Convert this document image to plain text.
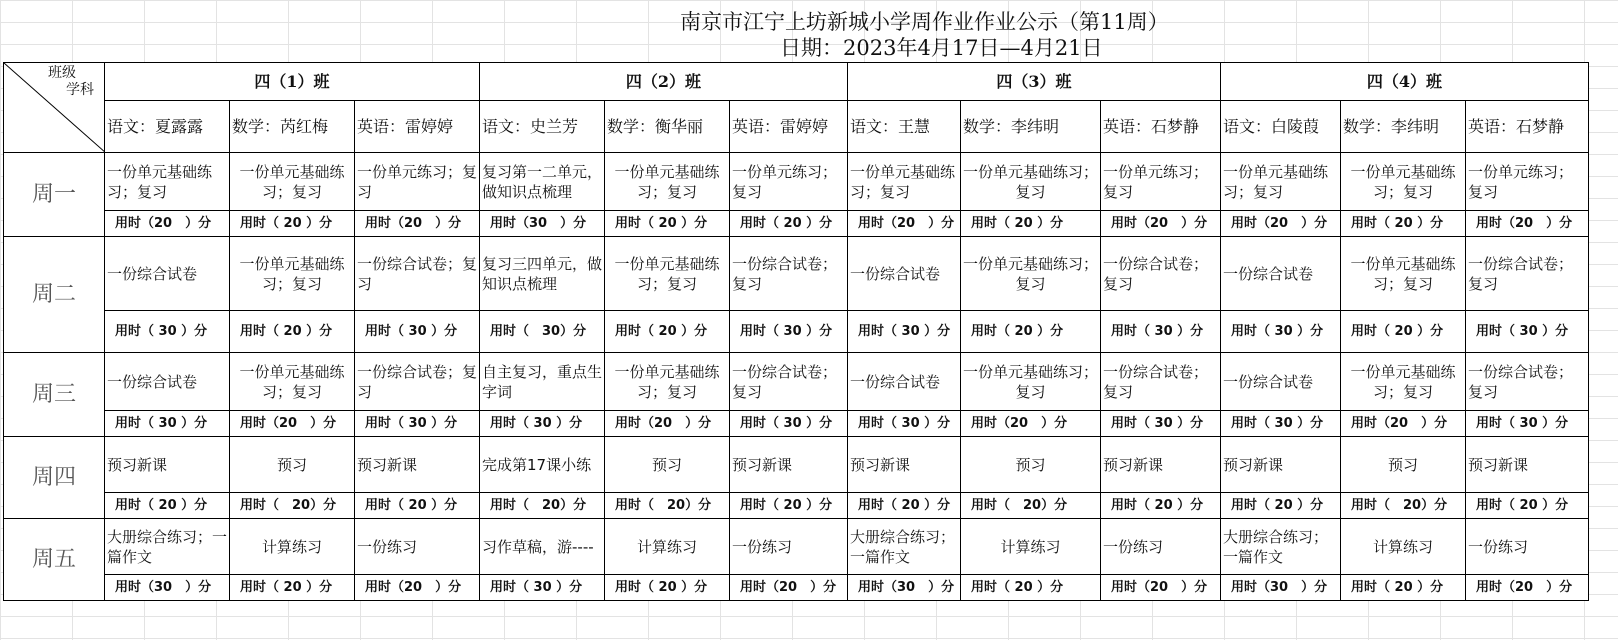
南京市江宁上坊新城小学周作业作业公示（第11周）
日期：2023年4月17日—4月21日
班级
学科	四（1）班			四（2）班			四（3）班			四（4）班		
	语文：夏露露	数学：芮红梅	英语：雷婷婷	语文：史兰芳	数学：衡华丽	英语：雷婷婷	语文：王慧	数学：李纬明	英语：石梦静	语文：白陵葭	数学：李纬明	英语：石梦静
周一	一份单元基础练习；复习	一份单元基础练习；复习	一份单元练习；复习	复习第一二单元，做知识点梳理	一份单元基础练习；复习	一份单元练习；复习	一份单元基础练习；复习	一份单元基础练习；复习	一份单元练习；复习	一份单元基础练习；复习	一份单元基础练习；复习	一份单元练习；复习
	用时（20　）分	用时（ 20 ）分	用时（20　）分	用时（30　）分	用时（ 20 ）分	用时（ 20 ）分	用时（20　）分	用时（ 20 ）分	用时（20　）分	用时（20　）分	用时（ 20 ）分	用时（20　）分
周二	一份综合试卷	一份单元基础练习；复习	一份综合试卷；复习	复习三四单元，做知识点梳理	一份单元基础练习；复习	一份综合试卷；复习	一份综合试卷	一份单元基础练习；复习	一份综合试卷；复习	一份综合试卷	一份单元基础练习；复习	一份综合试卷；复习
	用时（ 30 ）分	用时（ 20 ）分	用时（ 30 ）分	用时（　30）分	用时（ 20 ）分	用时（ 30 ）分	用时（ 30 ）分	用时（ 20 ）分	用时（ 30 ）分	用时（ 30 ）分	用时（ 20 ）分	用时（ 30 ）分
周三	一份综合试卷	一份单元基础练习；复习	一份综合试卷；复习	自主复习，重点生字词	一份单元基础练习；复习	一份综合试卷；复习	一份综合试卷	一份单元基础练习；复习	一份综合试卷；复习	一份综合试卷	一份单元基础练习；复习	一份综合试卷；复习
	用时（ 30 ）分	用时（20　）分	用时（ 30 ）分	用时（ 30 ）分	用时（20　）分	用时（ 30 ）分	用时（ 30 ）分	用时（20　）分	用时（ 30 ）分	用时（ 30 ）分	用时（20　）分	用时（ 30 ）分
周四	预习新课	预习	预习新课	完成第17课小练	预习	预习新课	预习新课	预习	预习新课	预习新课	预习	预习新课
	用时（ 20 ）分	用时（　20）分	用时（ 20 ）分	用时（　20）分	用时（　20）分	用时（ 20 ）分	用时（ 20 ）分	用时（　20）分	用时（ 20 ）分	用时（ 20 ）分	用时（　20）分	用时（ 20 ）分
周五	大册综合练习；一篇作文	计算练习	一份练习	习作草稿，游----	计算练习	一份练习	大册综合练习；一篇作文	计算练习	一份练习	大册综合练习；一篇作文	计算练习	一份练习
	用时（30　）分	用时（ 20 ）分	用时（20　）分	用时（ 30 ）分	用时（ 20 ）分	用时（20　）分	用时（30　）分	用时（ 20 ）分	用时（20　）分	用时（30　）分	用时（ 20 ）分	用时（20　）分
